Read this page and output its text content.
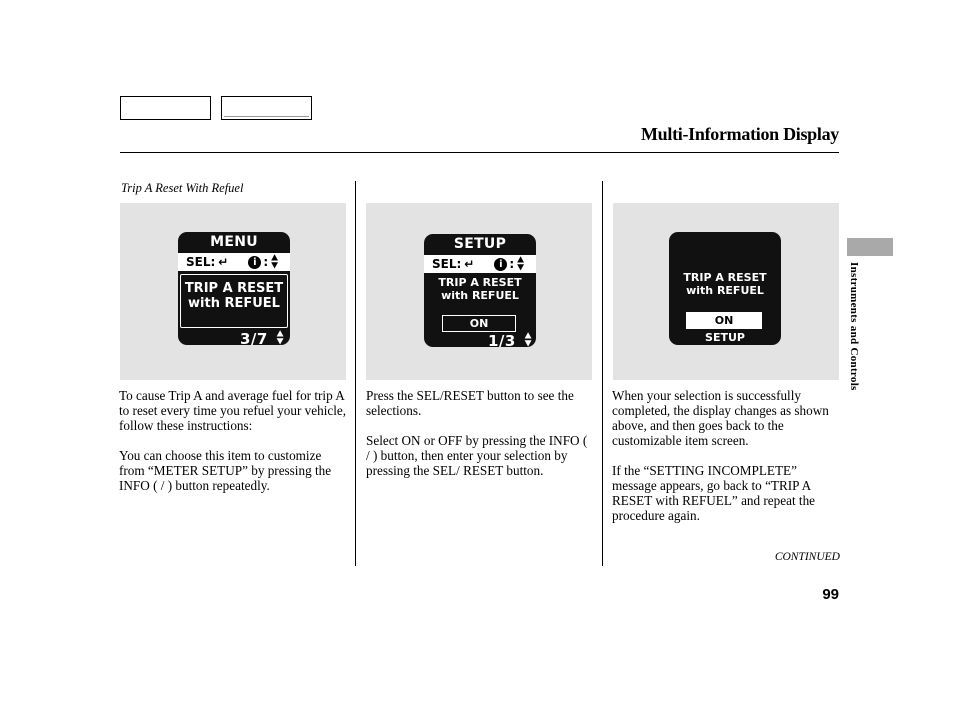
Multi-Information Display
Trip A Reset With Refuel
MENU
SEL: ↵	i : ▲
▼
TRIP A RESET
with REFUEL
3/7 ▲
▼
SETUP
SEL: ↵	i : ▲
▼
TRIP A RESET
with REFUEL
ON
1/3 ▲
▼
TRIP A RESET
with REFUEL
ON
SETUP

To cause Trip A and average fuel for trip A to reset every time you refuel your vehicle, follow these instructions:

You can choose this item to customize from “METER SETUP” by pressing the INFO ( / ) button repeatedly.

Press the SEL/RESET button to see the selections.

Select ON or OFF by pressing the INFO ( / ) button, then enter your selection by pressing the SEL/ RESET button.

When your selection is successfully completed, the display changes as shown above, and then goes back to the customizable item screen.

If the “SETTING INCOMPLETE” message appears, go back to “TRIP A RESET with REFUEL” and repeat the procedure again.

CONTINUED
99
Instruments and Controls
